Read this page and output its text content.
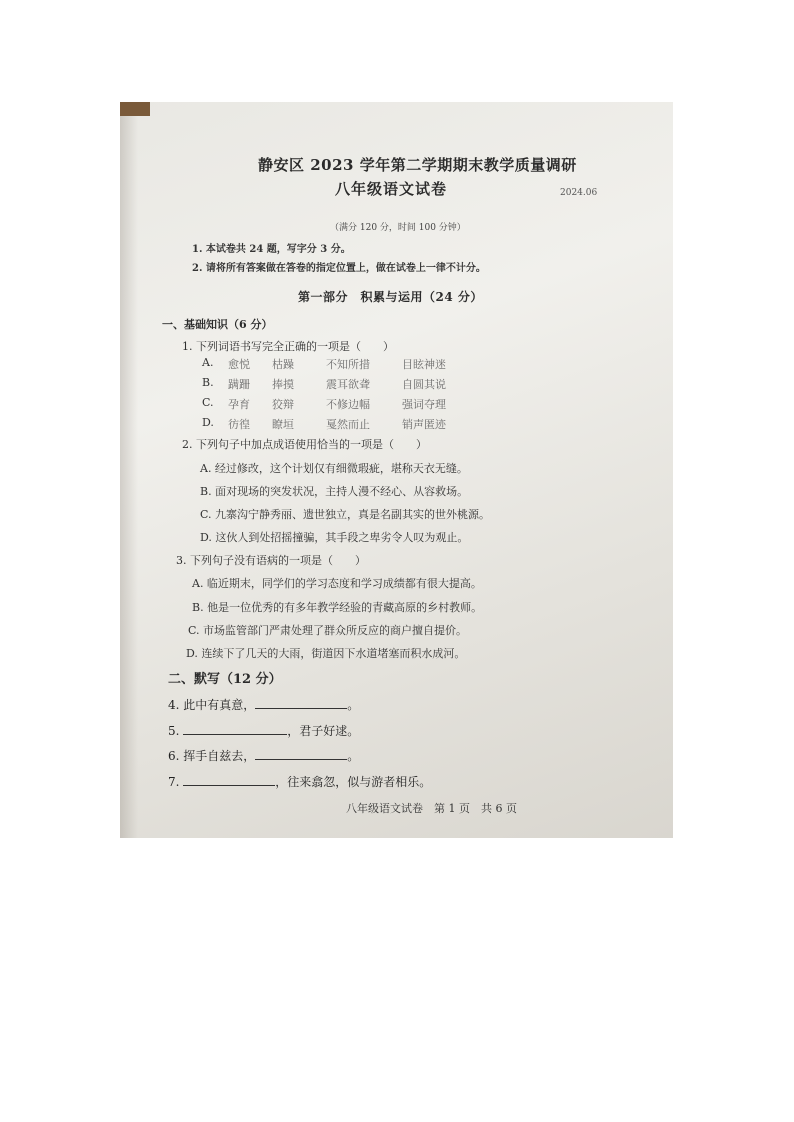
静安区 2023 学年第二学期期末教学质量调研
八年级语文试卷	2024.06
（满分 120 分，时间 100 分钟）
1. 本试卷共 24 题，写字分 3 分。
2. 请将所有答案做在答卷的指定位置上，做在试卷上一律不计分。
第一部分　积累与运用（24 分）
一、基础知识（6 分）
1. 下列词语书写完全正确的一项是（　　）
A. 愈悦 枯躁	不知所措	目眩神迷
B. 蹒跚 捧摸	震耳欲聋	自圆其说
C. 孕育 狡辩	不修边幅	强词夺理
D. 彷徨 瞭垣	戛然而止	销声匿迹
2. 下列句子中加点成语使用恰当的一项是（　　）
A. 经过修改，这个计划仅有细微瑕疵，堪称天衣无缝。
B. 面对现场的突发状况，主持人漫不经心、从容救场。
C. 九寨沟宁静秀丽、遗世独立，真是名副其实的世外桃源。
D. 这伙人到处招摇撞骗，其手段之卑劣令人叹为观止。
3. 下列句子没有语病的一项是（　　）
A. 临近期末，同学们的学习态度和学习成绩都有很大提高。
B. 他是一位优秀的有多年教学经验的青藏高原的乡村教师。
C. 市场监管部门严肃处理了群众所反应的商户擅自提价。
D. 连续下了几天的大雨，街道因下水道堵塞而积水成河。
二、默写（12 分）
4. 此中有真意，	。
5.	，君子好逑。
6. 挥手自兹去，	。
7.	，往来翕忽，似与游者相乐。
八年级语文试卷　第 1 页　共 6 页
